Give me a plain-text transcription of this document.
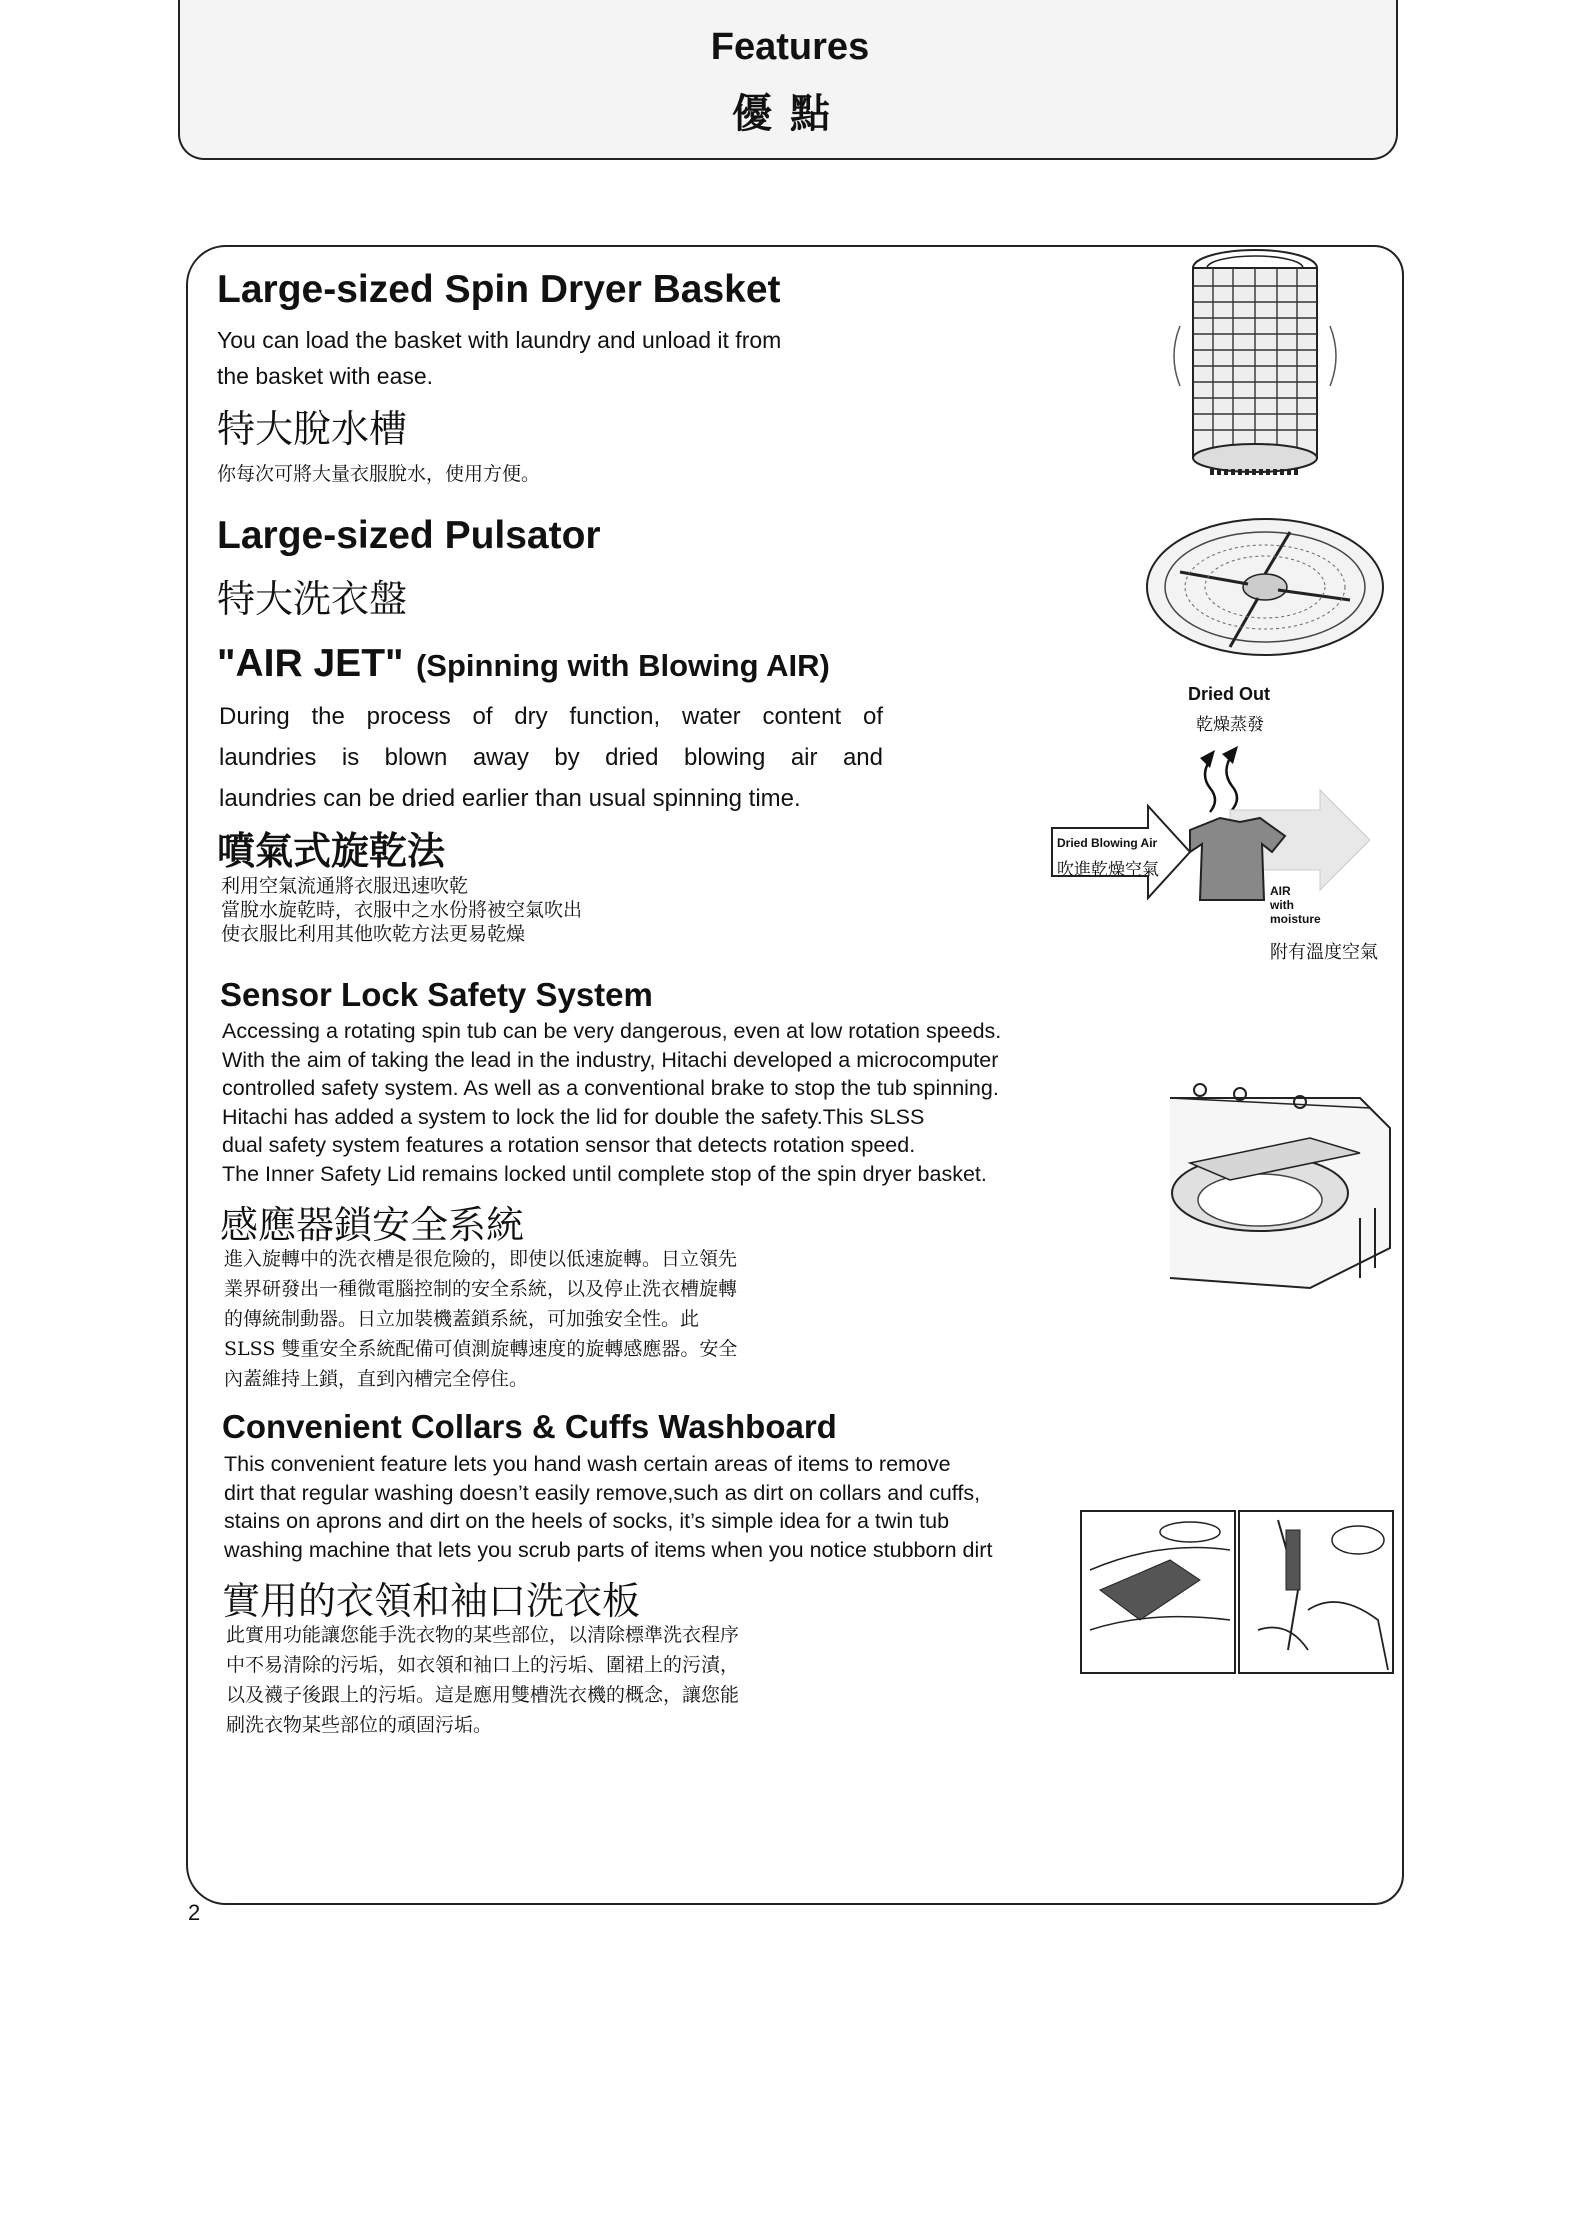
Features
優點
Large-sized Spin Dryer Basket
You can load the basket with laundry and unload it from
the basket with ease.
特大脫水槽
你每次可將大量衣服脫水，使用方便。
Large-sized Pulsator
特大洗衣盤
"AIR JET" (Spinning with Blowing AIR)
During the process of dry function, water content of
laundries is blown away by dried blowing air and
laundries can be dried earlier than usual spinning time.
噴氣式旋乾法
利用空氣流通將衣服迅速吹乾
當脫水旋乾時，衣服中之水份將被空氣吹出
使衣服比利用其他吹乾方法更易乾燥
Sensor Lock Safety System
Accessing a rotating spin tub can be very dangerous, even at low rotation speeds.
With the aim of taking the lead in the industry, Hitachi developed a microcomputer
controlled safety system. As well as a conventional brake to stop the tub spinning.
Hitachi has added a system to lock the lid for double the safety.This SLSS
dual safety system features a rotation sensor that detects rotation speed.
The Inner Safety Lid remains locked until complete stop of the spin dryer basket.
感應器鎖安全系統
進入旋轉中的洗衣槽是很危險的，即使以低速旋轉。日立領先
業界研發出一種微電腦控制的安全系統，以及停止洗衣槽旋轉
的傳統制動器。日立加裝機蓋鎖系統，可加強安全性。此
SLSS 雙重安全系統配備可偵測旋轉速度的旋轉感應器。安全
內蓋維持上鎖，直到內槽完全停住。
Convenient Collars & Cuffs Washboard
This convenient feature lets you hand wash certain areas of items to remove
dirt that regular washing doesn’t easily remove,such as dirt on collars and cuffs,
stains on aprons and dirt on the heels of socks, it’s simple idea for a twin tub
washing machine that lets you scrub parts of items when you notice stubborn dirt
實用的衣領和袖口洗衣板
此實用功能讓您能手洗衣物的某些部位，以清除標準洗衣程序
中不易清除的污垢，如衣領和袖口上的污垢、圍裙上的污漬，
以及襪子後跟上的污垢。這是應用雙槽洗衣機的概念，讓您能
刷洗衣物某些部位的頑固污垢。
Dried Out
乾燥蒸發
Dried Blowing Air
吹進乾燥空氣
AIR
with
moisture
附有溫度空氣
2
